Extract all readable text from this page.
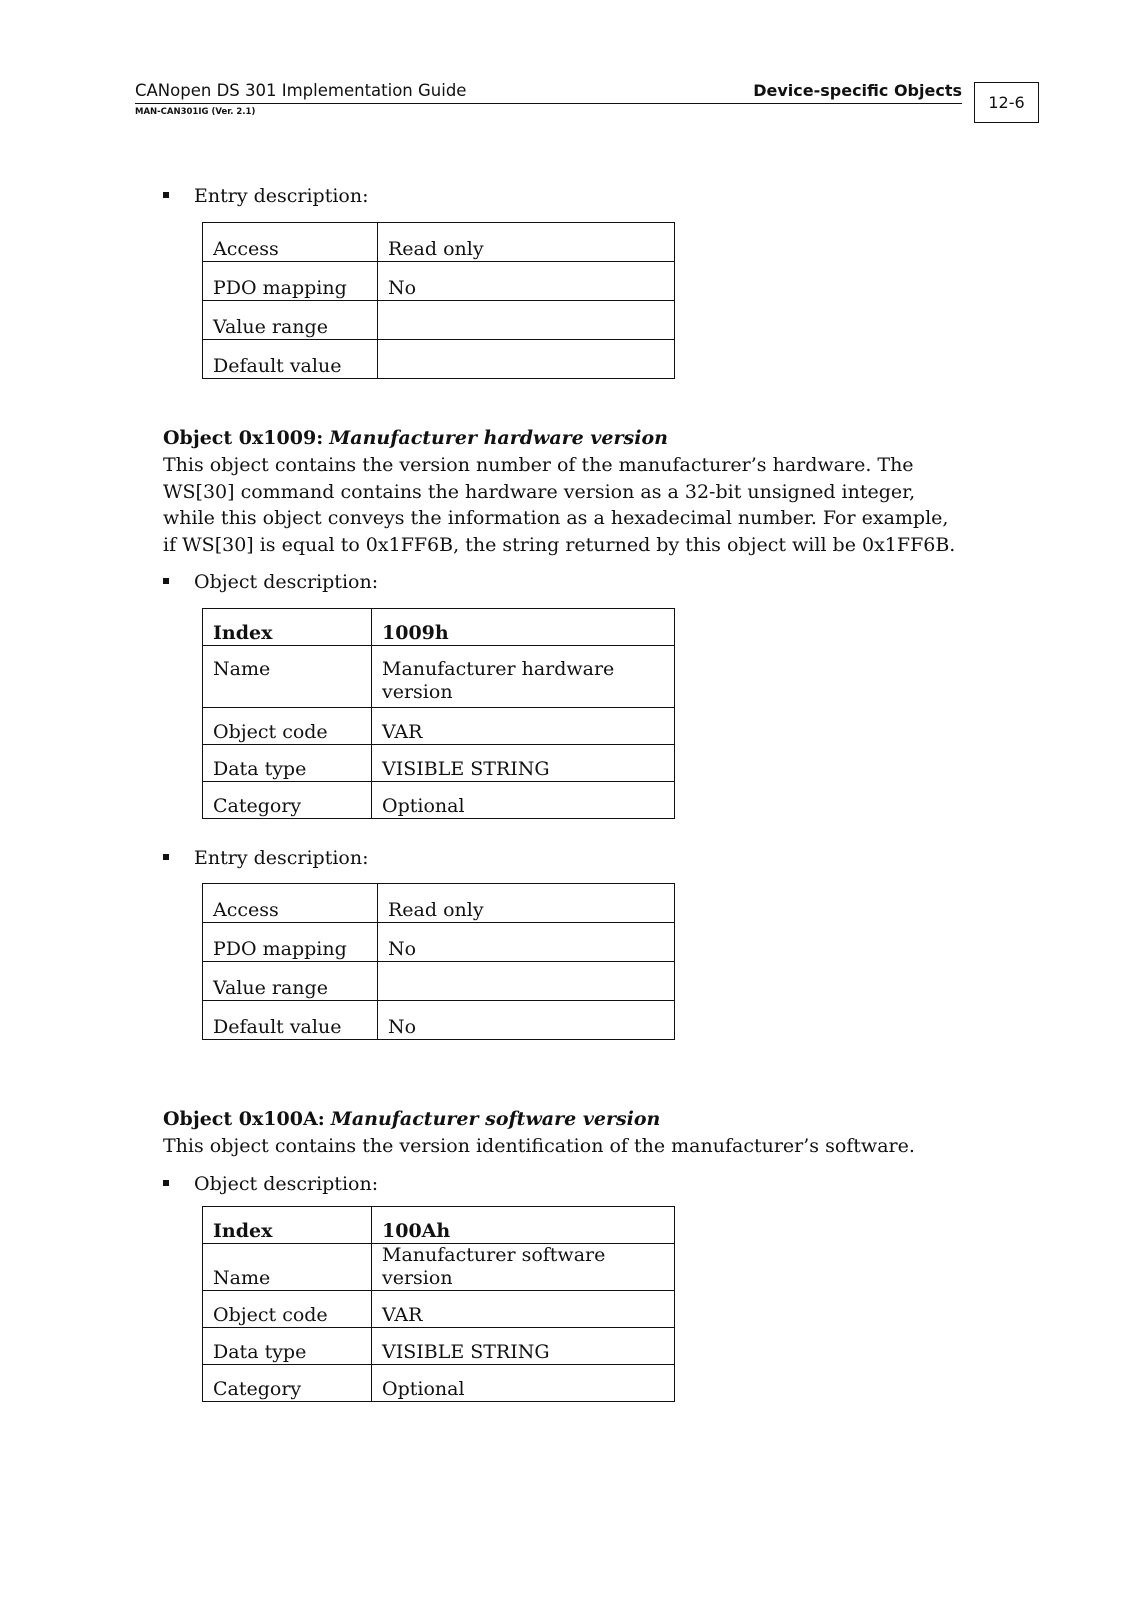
CANopen DS 301 Implementation Guide	Device-specific Objects
MAN-CAN301IG (Ver. 2.1)	12-6
Entry description:
Access	Read only
PDO mapping	No
Value range	
Default value	
Object 0x1009: Manufacturer hardware version
This object contains the version number of the manufacturer’s hardware. The WS[30] command contains the hardware version as a 32-bit unsigned integer, while this object conveys the information as a hexadecimal number. For example, if WS[30] is equal to 0x1FF6B, the string returned by this object will be 0x1FF6B.
Object description:
Index	1009h
Name	Manufacturer hardware version
Object code	VAR
Data type	VISIBLE STRING
Category	Optional
Entry description:
Access	Read only
PDO mapping	No
Value range	
Default value	No
Object 0x100A: Manufacturer software version
This object contains the version identification of the manufacturer’s software.
Object description:
Index	100Ah
Name	Manufacturer software version
Object code	VAR
Data type	VISIBLE STRING
Category	Optional
